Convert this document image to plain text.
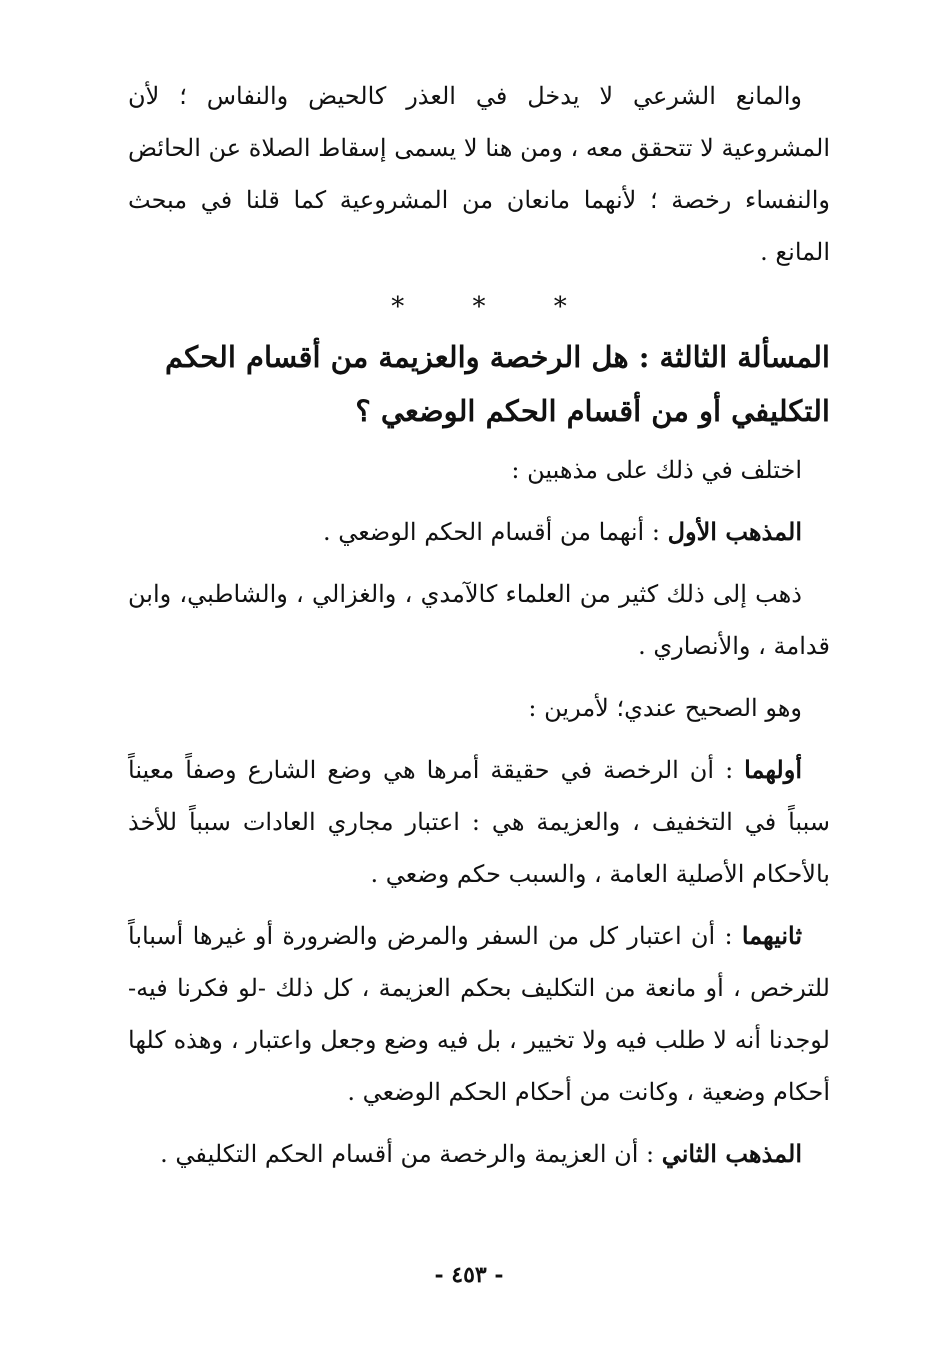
والمانع الشرعي لا يدخل في العذر كالحيض والنفاس ؛ لأن المشروعية لا تتحقق معه ، ومن هنا لا يسمى إسقاط الصلاة عن الحائض والنفساء رخصة ؛ لأنهما مانعان من المشروعية كما قلنا في مبحث المانع .

* * *
المسألة الثالثة : هل الرخصة والعزيمة من أقسام الحكم التكليفي أو من أقسام الحكم الوضعي ؟

اختلف في ذلك على مذهبين :

المذهب الأول : أنهما من أقسام الحكم الوضعي .

ذهب إلى ذلك كثير من العلماء كالآمدي ، والغزالي ، والشاطبي، وابن قدامة ، والأنصاري .

وهو الصحيح عندي؛ لأمرين :

أولهما : أن الرخصة في حقيقة أمرها هي وضع الشارع وصفاً معيناً سبباً في التخفيف ، والعزيمة هي : اعتبار مجاري العادات سبباً للأخذ بالأحكام الأصلية العامة ، والسبب حكم وضعي .

ثانيهما : أن اعتبار كل من السفر والمرض والضرورة أو غيرها أسباباً للترخص ، أو مانعة من التكليف بحكم العزيمة ، كل ذلك -لو فكرنا فيه- لوجدنا أنه لا طلب فيه ولا تخيير ، بل فيه وضع وجعل واعتبار ، وهذه كلها أحكام وضعية ، وكانت من أحكام الحكم الوضعي .

المذهب الثاني : أن العزيمة والرخصة من أقسام الحكم التكليفي .

- ٤٥٣ -
